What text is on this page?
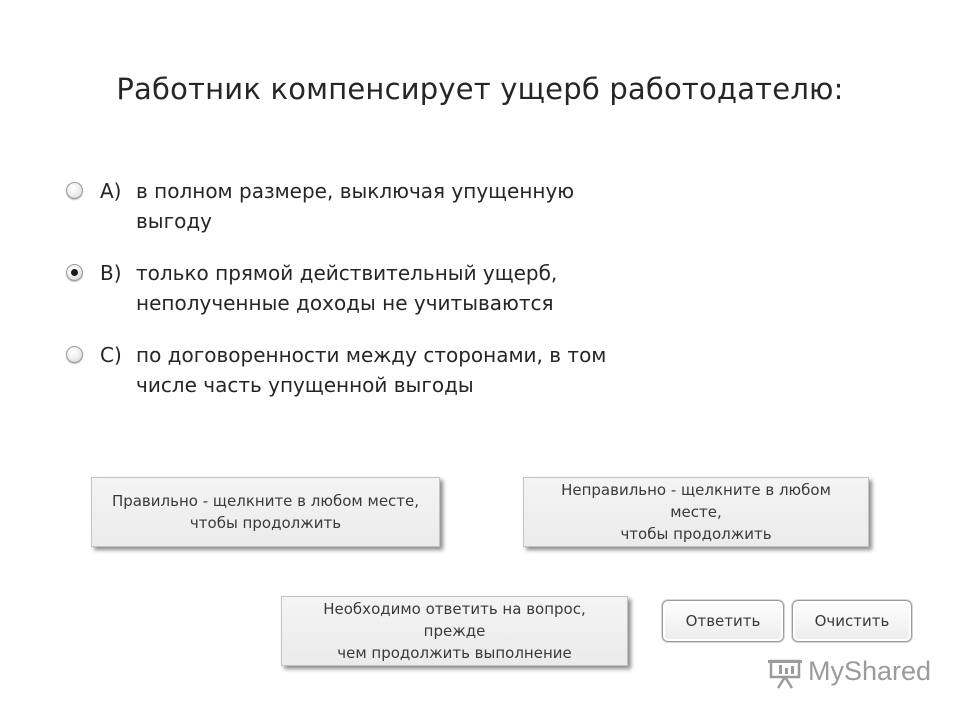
Работник компенсирует ущерб работодателю:
A) в полном размере, выключая упущенную
выгоду
B) только прямой действительный ущерб,
неполученные доходы не учитываются
C) по договоренности между сторонами, в том
числе часть упущенной выгоды
Правильно - щелкните в любом месте,
чтобы продолжить
Неправильно - щелкните в любом месте,
чтобы продолжить
Необходимо ответить на вопрос, прежде
чем продолжить выполнение
Ответить	Очистить
MyShared
